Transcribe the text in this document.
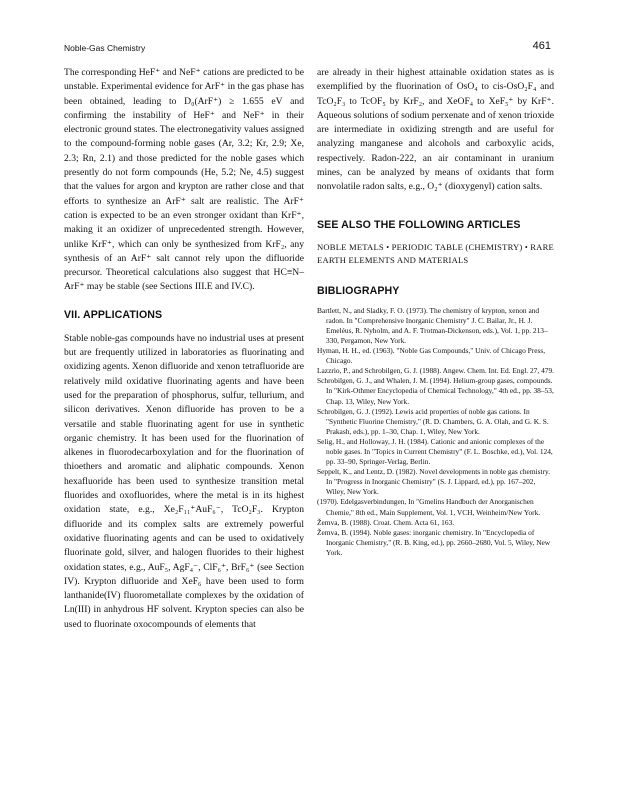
Noble-Gas Chemistry	461

The corresponding HeF⁺ and NeF⁺ cations are predicted to be unstable. Experimental evidence for ArF⁺ in the gas phase has been obtained, leading to D₀(ArF⁺) ≥ 1.655 eV and confirming the instability of HeF⁺ and NeF⁺ in their electronic ground states. The electronegativity values assigned to the compound-forming noble gases (Ar, 3.2; Kr, 2.9; Xe, 2.3; Rn, 2.1) and those predicted for the noble gases which presently do not form compounds (He, 5.2; Ne, 4.5) suggest that the values for argon and krypton are rather close and that efforts to synthesize an ArF⁺ salt are realistic. The ArF⁺ cation is expected to be an even stronger oxidant than KrF⁺, making it an oxidizer of unprecedented strength. However, unlike KrF⁺, which can only be synthesized from KrF₂, any synthesis of an ArF⁺ salt cannot rely upon the difluoride precursor. Theoretical calculations also suggest that HC≡N–ArF⁺ may be stable (see Sections III.E and IV.C).

VII. APPLICATIONS

Stable noble-gas compounds have no industrial uses at present but are frequently utilized in laboratories as fluorinating and oxidizing agents. Xenon difluoride and xenon tetrafluoride are relatively mild oxidative fluorinating agents and have been used for the preparation of phosphorus, sulfur, tellurium, and silicon derivatives. Xenon difluoride has proven to be a versatile and stable fluorinating agent for use in synthetic organic chemistry. It has been used for the fluorination of alkenes in fluorodecarboxylation and for the fluorination of thioethers and aromatic and aliphatic compounds. Xenon hexafluoride has been used to synthesize transition metal fluorides and oxofluorides, where the metal is in its highest oxidation state, e.g., Xe₂F₁₁⁺AuF₆⁻, TcO₂F₃. Krypton difluoride and its complex salts are extremely powerful oxidative fluorinating agents and can be used to oxidatively fluorinate gold, silver, and halogen fluorides to their highest oxidation states, e.g., AuF₅, AgF₄⁻, ClF₆⁺, BrF₆⁺ (see Section IV). Krypton difluoride and XeF₆ have been used to form lanthanide(IV) fluorometallate complexes by the oxidation of Ln(III) in anhydrous HF solvent. Krypton species can also be used to fluorinate oxocompounds of elements that

are already in their highest attainable oxidation states as is exemplified by the fluorination of OsO₄ to cis-OsO₂F₄ and TcO₂F₃ to TcOF₅ by KrF₂, and XeOF₄ to XeF₅⁺ by KrF⁺. Aqueous solutions of sodium perxenate and of xenon trioxide are intermediate in oxidizing strength and are useful for analyzing manganese and alcohols and carboxylic acids, respectively. Radon-222, an air contaminant in uranium mines, can be analyzed by means of oxidants that form nonvolatile radon salts, e.g., O₂⁺ (dioxygenyl) cation salts.

SEE ALSO THE FOLLOWING ARTICLES

NOBLE METALS • PERIODIC TABLE (CHEMISTRY) • RARE EARTH ELEMENTS AND MATERIALS

BIBLIOGRAPHY

Bartlett, N., and Sladky, F. O. (1973). The chemistry of krypton, xenon and radon. In "Comprehensive Inorganic Chemistry" J. C. Bailar, Jr., H. J. Emeléus, R. Nyholm, and A. F. Trotman-Dickenson, eds.), Vol. 1, pp. 213–330, Pergamon, New York.

Hyman, H. H., ed. (1963). "Noble Gas Compounds," Univ. of Chicago Press, Chicago.

Lazzrio, P., and Schrobilgen, G. J. (1988). Angew. Chem. Int. Ed. Engl. 27, 479.

Schrobilgen, G. J., and Whalen, J. M. (1994). Helium-group gases, compounds. In "Kirk-Othmer Encyclopedia of Chemical Technology," 4th ed., pp. 38–53, Chap. 13, Wiley, New York.

Schrobilgen, G. J. (1992). Lewis acid properties of noble gas cations. In "Synthetic Fluorine Chemistry," (R. D. Chambers, G. A. Olah, and G. K. S. Prakash, eds.), pp. 1–30, Chap. 1, Wiley, New York.

Selig, H., and Holloway, J. H. (1984). Cationic and anionic complexes of the noble gases. In "Topics in Current Chemistry" (F. L. Boschke, ed.), Vol. 124, pp. 33–90, Springer-Verlag, Berlin.

Seppelt, K., and Lentz, D. (1982). Novel developments in noble gas chemistry. In "Progress in Inorganic Chemistry" (S. J. Lippard, ed.), pp. 167–202, Wiley, New York.

(1970). Edelgasverbindungen, In "Gmelins Handbuch der Anorganischen Chemie," 8th ed., Main Supplement, Vol. 1, VCH, Weinheim/New York.

Žemva, B. (1988). Croat. Chem. Acta 61, 163.

Žemva, B. (1994). Noble gases: inorganic chemistry. In "Encyclopedia of Inorganic Chemistry," (R. B. King, ed.), pp. 2660–2680, Vol. 5, Wiley, New York.
